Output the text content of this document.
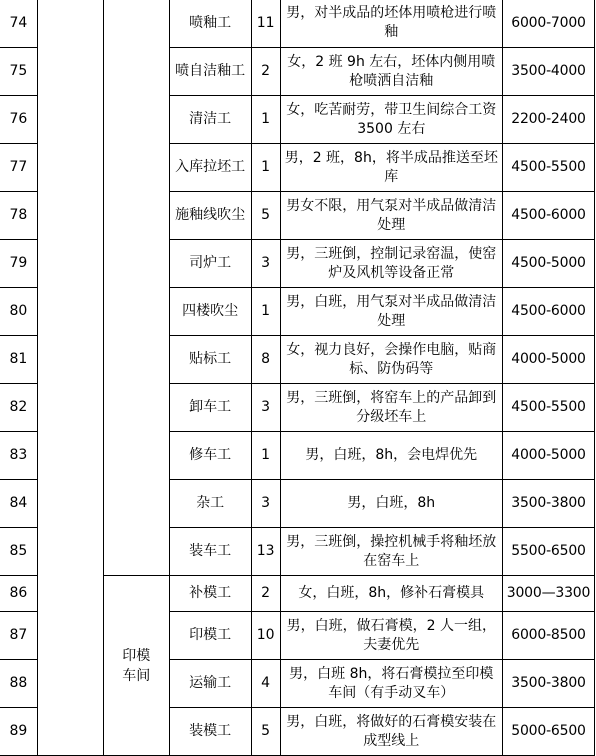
74			喷釉工	11	男，对半成品的坯体用喷枪进行喷釉	6000-7000
75			喷自洁釉工	2	女，2 班 9h 左右，坯体内侧用喷枪喷洒自洁釉	3500-4000
76			清洁工	1	女，吃苦耐劳，带卫生间综合工资 3500 左右	2200-2400
77			入库拉坯工	1	男，2 班，8h，将半成品推送至坯库	4500-5500
78			施釉线吹尘	5	男女不限，用气泵对半成品做清洁处理	4500-6000
79			司炉工	3	男，三班倒，控制记录窑温，使窑炉及风机等设备正常	4500-5000
80			四楼吹尘	1	男，白班，用气泵对半成品做清洁处理	4500-6000
81			贴标工	8	女，视力良好，会操作电脑，贴商标、防伪码等	4000-5000
82			卸车工	3	男，三班倒，将窑车上的产品卸到分级坯车上	4500-5500
83			修车工	1	男，白班，8h，会电焊优先	4000-5000
84			杂工	3	男，白班，8h	3500-3800
85			装车工	13	男，三班倒，操控机械手将釉坯放在窑车上	5500-6500
86		印模车间	补模工	2	女，白班，8h，修补石膏模具	3000—3300
87			印模工	10	男，白班，做石膏模，2 人一组，夫妻优先	6000-8500
88			运输工	4	男，白班 8h，将石膏模拉至印模车间（有手动叉车）	3500-3800
89			装模工	5	男，白班，将做好的石膏模安装在成型线上	5000-6500
